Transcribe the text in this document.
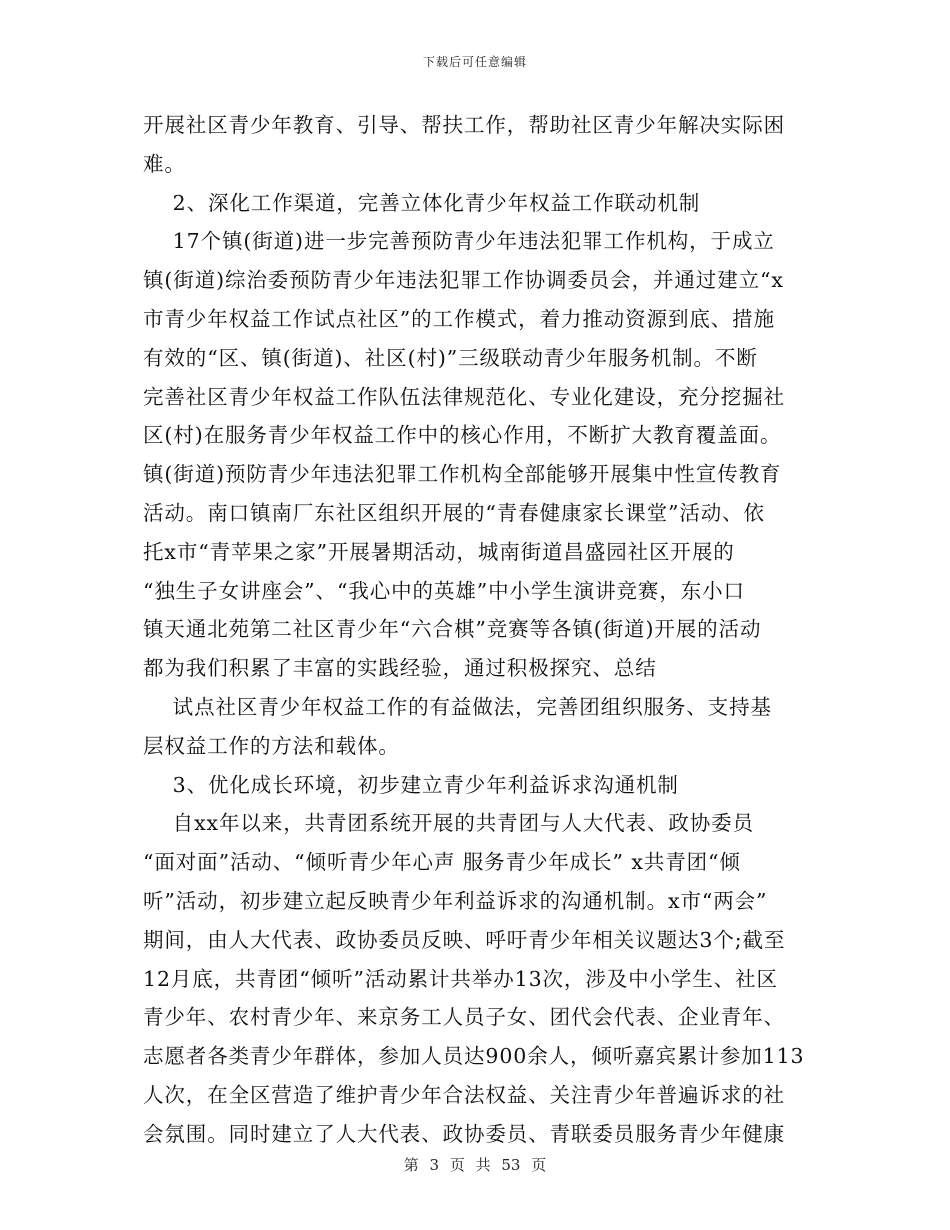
下载后可任意编辑
开展社区青少年教育、引导、帮扶工作，帮助社区青少年解决实际困
难。
2、深化工作渠道，完善立体化青少年权益工作联动机制
17个镇(街道)进一步完善预防青少年违法犯罪工作机构，于成立
镇(街道)综治委预防青少年违法犯罪工作协调委员会，并通过建立“x
市青少年权益工作试点社区”的工作模式，着力推动资源到底、措施
有效的“区、镇(街道)、社区(村)”三级联动青少年服务机制。不断
完善社区青少年权益工作队伍法律规范化、专业化建设，充分挖掘社
区(村)在服务青少年权益工作中的核心作用，不断扩大教育覆盖面。
镇(街道)预防青少年违法犯罪工作机构全部能够开展集中性宣传教育
活动。南口镇南厂东社区组织开展的“青春健康家长课堂”活动、依
托x市“青苹果之家”开展暑期活动，城南街道昌盛园社区开展的
“独生子女讲座会”、“我心中的英雄”中小学生演讲竞赛，东小口
镇天通北苑第二社区青少年“六合棋”竞赛等各镇(街道)开展的活动
都为我们积累了丰富的实践经验，通过积极探究、总结
试点社区青少年权益工作的有益做法，完善团组织服务、支持基
层权益工作的方法和载体。
3、优化成长环境，初步建立青少年利益诉求沟通机制
自xx年以来，共青团系统开展的共青团与人大代表、政协委员
“面对面”活动、“倾听青少年心声 服务青少年成长” x共青团“倾
听”活动，初步建立起反映青少年利益诉求的沟通机制。x市“两会”
期间，由人大代表、政协委员反映、呼吁青少年相关议题达3个;截至
12月底，共青团“倾听”活动累计共举办13次，涉及中小学生、社区
青少年、农村青少年、来京务工人员子女、团代会代表、企业青年、
志愿者各类青少年群体，参加人员达900余人，倾听嘉宾累计参加113
人次，在全区营造了维护青少年合法权益、关注青少年普遍诉求的社
会氛围。同时建立了人大代表、政协委员、青联委员服务青少年健康
第 3 页 共 53 页
